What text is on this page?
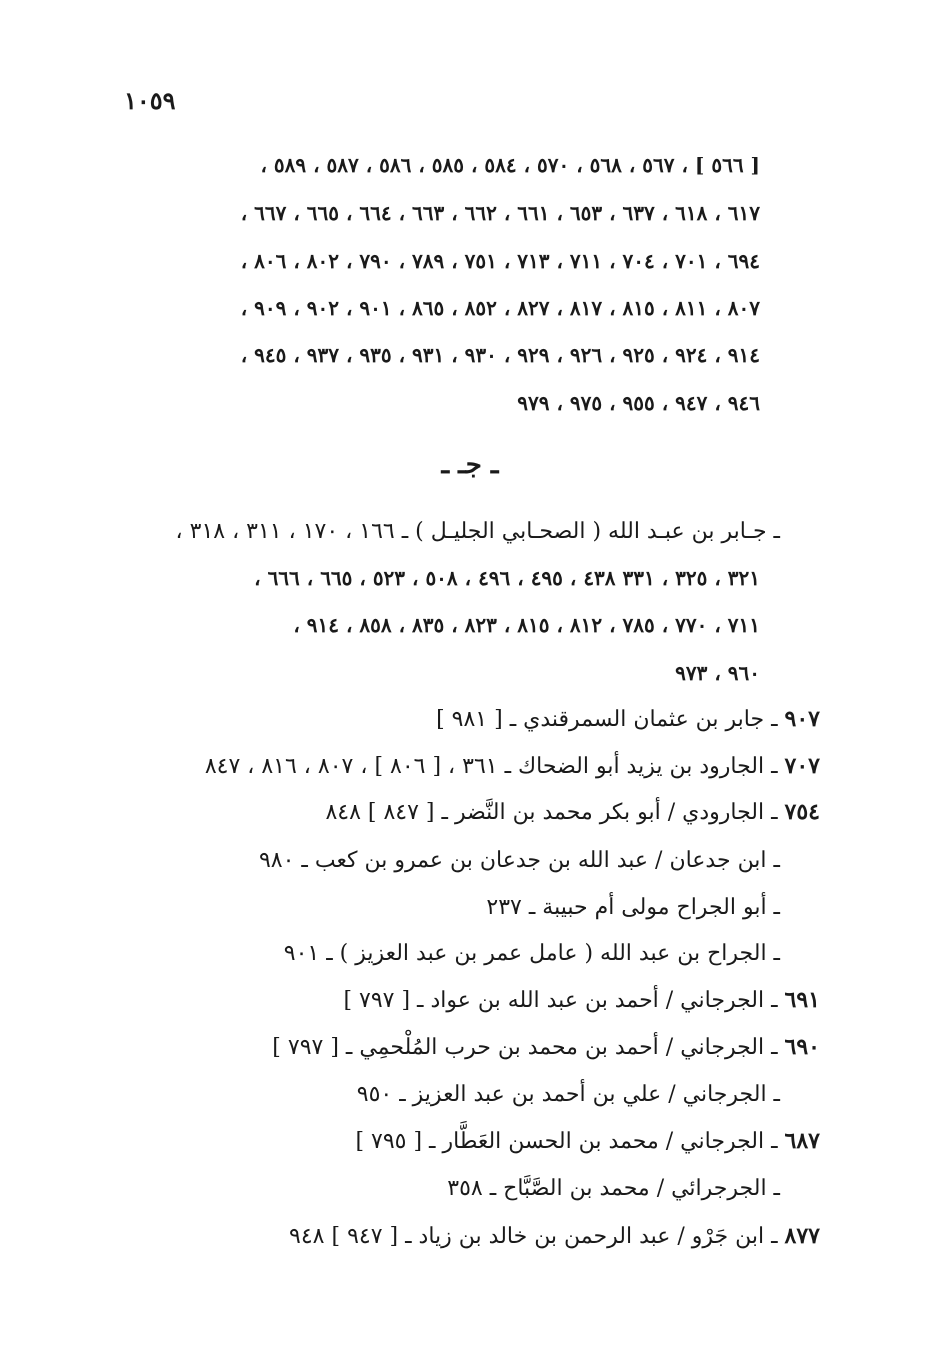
١٠٥٩
[ ٥٦٦ ] ، ٥٦٧ ، ٥٦٨ ، ٥٧٠ ، ٥٨٤ ، ٥٨٥ ، ٥٨٦ ، ٥٨٧ ، ٥٨٩ ،
٦١٧ ، ٦١٨ ، ٦٣٧ ، ٦٥٣ ، ٦٦١ ، ٦٦٢ ، ٦٦٣ ، ٦٦٤ ، ٦٦٥ ، ٦٦٧ ،
٦٩٤ ، ٧٠١ ، ٧٠٤ ، ٧١١ ، ٧١٣ ، ٧٥١ ، ٧٨٩ ، ٧٩٠ ، ٨٠٢ ، ٨٠٦ ،
٨٠٧ ، ٨١١ ، ٨١٥ ، ٨١٧ ، ٨٢٧ ، ٨٥٢ ، ٨٦٥ ، ٩٠١ ، ٩٠٢ ، ٩٠٩ ،
٩١٤ ، ٩٢٤ ، ٩٢٥ ، ٩٢٦ ، ٩٢٩ ، ٩٣٠ ، ٩٣١ ، ٩٣٥ ، ٩٣٧ ، ٩٤٥ ،
٩٤٦ ، ٩٤٧ ، ٩٥٥ ، ٩٧٥ ، ٩٧٩
ـ جـ ـ
ـ جـابر بن عبـد الله ( الصحـابي الجليـل ) ـ ١٦٦ ، ١٧٠ ، ٣١١ ، ٣١٨ ،
٣٢١ ، ٣٢٥ ، ٣٣١ ٤٣٨ ، ٤٩٥ ، ٤٩٦ ، ٥٠٨ ، ٥٢٣ ، ٦٦٥ ، ٦٦٦ ،
٧١١ ، ٧٧٠ ، ٧٨٥ ، ٨١٢ ، ٨١٥ ، ٨٢٣ ، ٨٣٥ ، ٨٥٨ ، ٩١٤ ،
٩٦٠ ، ٩٧٣
٩٠٧ ـ جابر بن عثمان السمرقندي ـ [ ٩٨١ ]
٧٠٧ ـ الجارود بن يزيد أبو الضحاك ـ ٣٦١ ، [ ٨٠٦ ] ، ٨٠٧ ، ٨١٦ ، ٨٤٧
٧٥٤ ـ الجارودي / أبو بكر محمد بن النَّضر ـ [ ٨٤٧ ] ٨٤٨
ـ ابن جدعان / عبد الله بن جدعان بن عمرو بن كعب ـ ٩٨٠
ـ أبو الجراح مولى أم حبيبة ـ ٢٣٧
ـ الجراح بن عبد الله ( عامل عمر بن عبد العزيز ) ـ ٩٠١
٦٩١ ـ الجرجاني / أحمد بن عبد الله بن عواد ـ [ ٧٩٧ ]
٦٩٠ ـ الجرجاني / أحمد بن محمد بن حرب المُلْحمِي ـ [ ٧٩٧ ]
ـ الجرجاني / علي بن أحمد بن عبد العزيز ـ ٩٥٠
٦٨٧ ـ الجرجاني / محمد بن الحسن العَطَّار ـ [ ٧٩٥ ]
ـ الجرجرائي / محمد بن الصَّبَّاح ـ ٣٥٨
٨٧٧ ـ ابن جَرْو / عبد الرحمن بن خالد بن زياد ـ [ ٩٤٧ ] ٩٤٨
